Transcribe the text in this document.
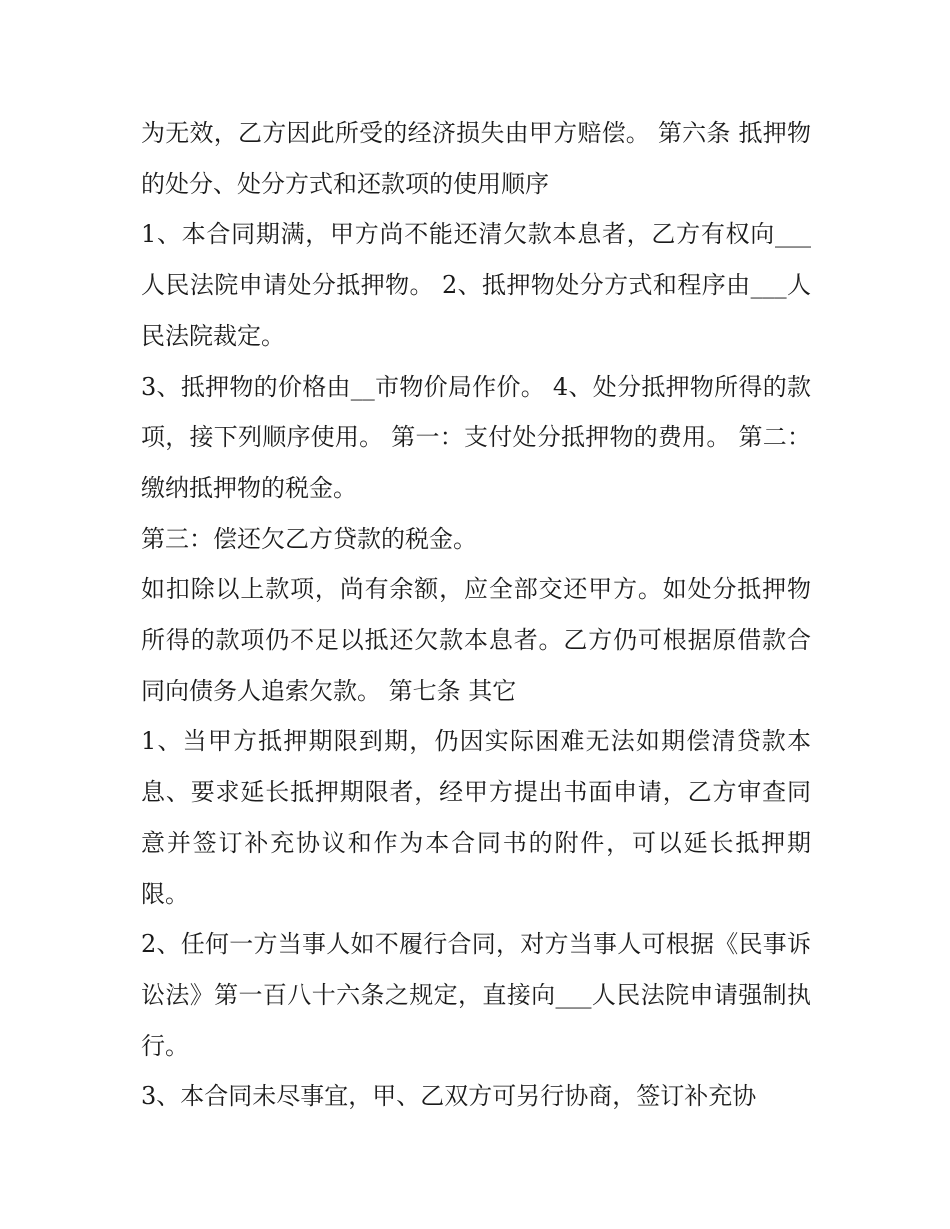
为无效，乙方因此所受的经济损失由甲方赔偿。 第六条 抵押物的处分、处分方式和还款项的使用顺序

1、本合同期满，甲方尚不能还清欠款本息者，乙方有权向___人民法院申请处分抵押物。 2、抵押物处分方式和程序由___人民法院裁定。

3、抵押物的价格由__市物价局作价。 4、处分抵押物所得的款项，接下列顺序使用。 第一：支付处分抵押物的费用。 第二：缴纳抵押物的税金。

第三：偿还欠乙方贷款的税金。

如扣除以上款项，尚有余额，应全部交还甲方。如处分抵押物所得的款项仍不足以抵还欠款本息者。乙方仍可根据原借款合同向债务人追索欠款。 第七条 其它

1、当甲方抵押期限到期，仍因实际困难无法如期偿清贷款本息、要求延长抵押期限者，经甲方提出书面申请，乙方审查同意并签订补充协议和作为本合同书的附件，可以延长抵押期限。

2、任何一方当事人如不履行合同，对方当事人可根据《民事诉讼法》第一百八十六条之规定，直接向___人民法院申请强制执行。

3、本合同未尽事宜，甲、乙双方可另行协商，签订补充协
